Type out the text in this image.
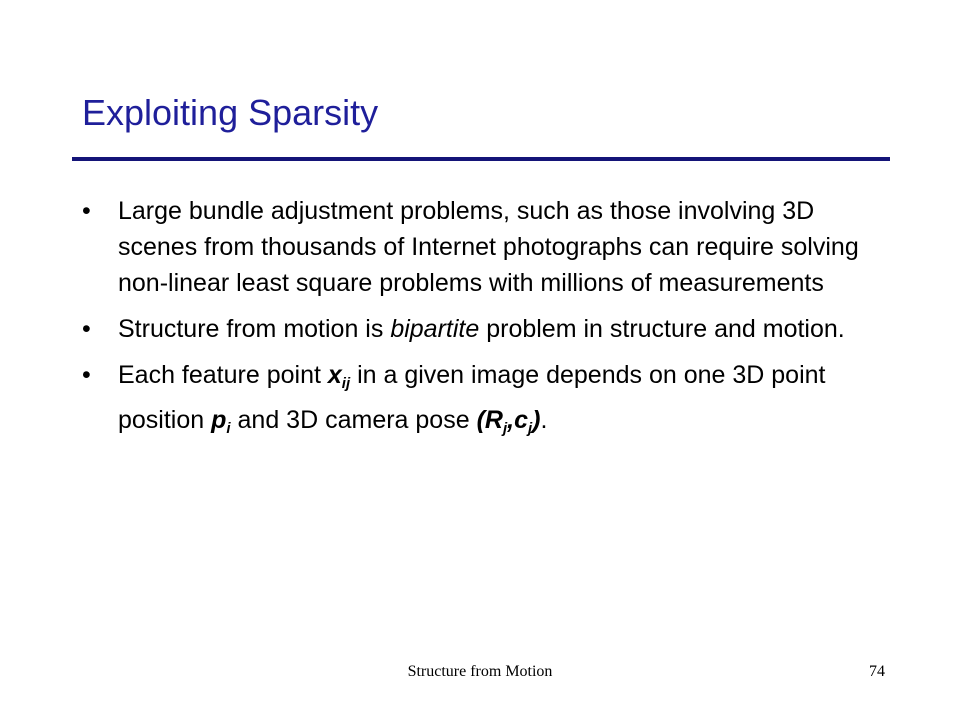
Exploiting Sparsity
• Large bundle adjustment problems, such as those involving 3D scenes from thousands of Internet photographs can require solving non-linear least square problems with millions of measurements
• Structure from motion is bipartite problem in structure and motion.
• Each feature point $x_{ij}$ in a given image depends on one 3D point position $p_i$ and 3D camera pose $(R_j,c_j)$.
Structure from Motion	74
